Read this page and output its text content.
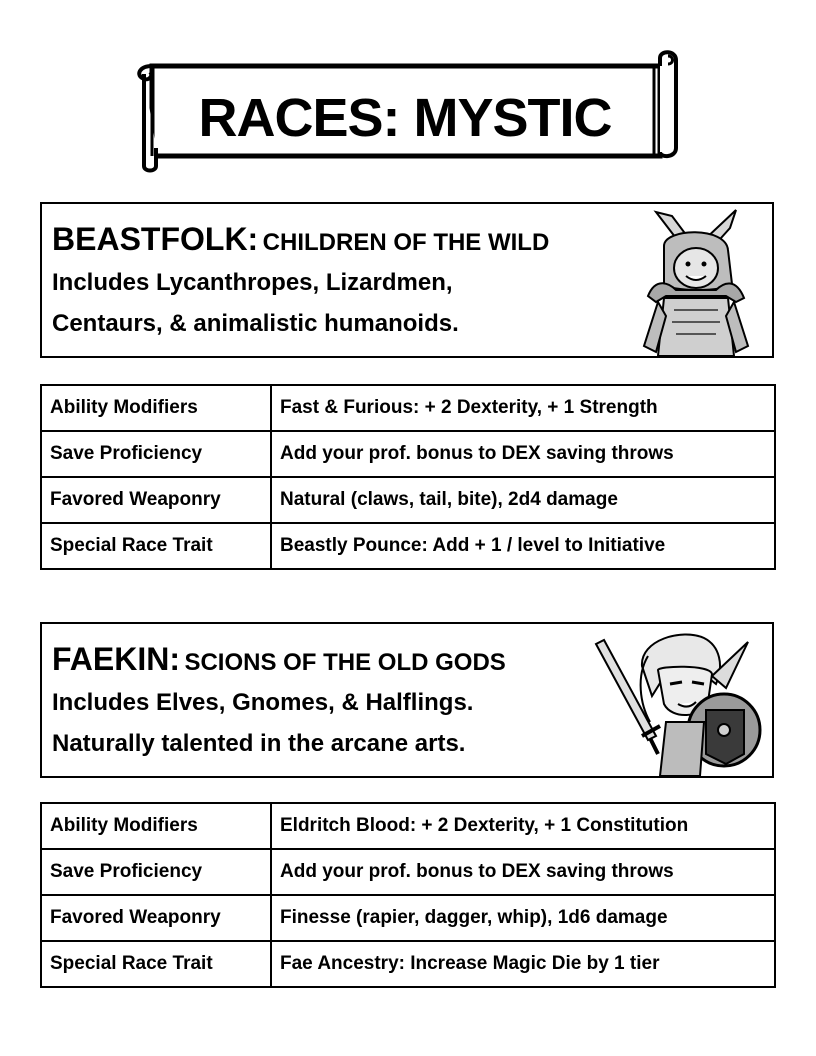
RACES: MYSTIC
BEASTFOLK: CHILDREN OF THE WILD
Includes Lycanthropes, Lizardmen,
Centaurs, & animalistic humanoids.
Ability Modifiers	Fast & Furious: + 2 Dexterity, + 1 Strength
Save Proficiency	Add your prof. bonus to DEX saving throws
Favored Weaponry	Natural (claws, tail, bite), 2d4 damage
Special Race Trait	Beastly Pounce: Add + 1 / level to Initiative
FAEKIN: SCIONS OF THE OLD GODS
Includes Elves, Gnomes, & Halflings.
Naturally talented in the arcane arts.
Ability Modifiers	Eldritch Blood: + 2 Dexterity, + 1 Constitution
Save Proficiency	Add your prof. bonus to DEX saving throws
Favored Weaponry	Finesse (rapier, dagger, whip), 1d6 damage
Special Race Trait	Fae Ancestry: Increase Magic Die by 1 tier
